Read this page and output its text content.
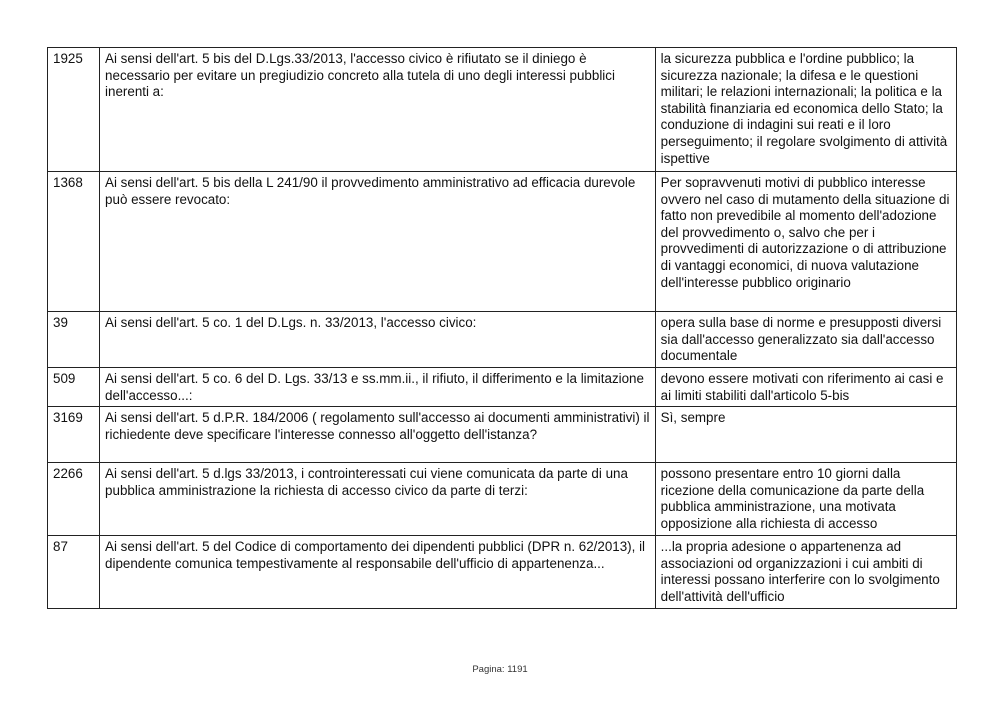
1925	Ai sensi dell'art. 5 bis del D.Lgs.33/2013, l'accesso civico è rifiutato se il diniego è necessario per evitare un pregiudizio concreto alla tutela di uno degli interessi pubblici inerenti a:	la sicurezza pubblica e l'ordine pubblico; la sicurezza nazionale; la difesa e le questioni militari; le relazioni internazionali; la politica e la stabilità finanziaria ed economica dello Stato; la conduzione di indagini sui reati e il loro perseguimento; il regolare svolgimento di attività ispettive
1368	Ai sensi dell'art. 5 bis della L 241/90 il provvedimento amministrativo ad efficacia durevole può essere revocato:	Per sopravvenuti motivi di pubblico interesse ovvero nel caso di mutamento della situazione di fatto non prevedibile al momento dell'adozione del provvedimento o, salvo che per i provvedimenti di autorizzazione o di attribuzione di vantaggi economici, di nuova valutazione dell'interesse pubblico originario
39	Ai sensi dell'art. 5 co. 1 del D.Lgs. n. 33/2013, l'accesso civico:	opera sulla base di norme e presupposti diversi sia dall'accesso generalizzato sia dall'accesso documentale
509	Ai sensi dell'art. 5 co. 6 del D. Lgs. 33/13 e ss.mm.ii., il rifiuto, il differimento e la limitazione dell'accesso...:	devono essere motivati con riferimento ai casi e ai limiti stabiliti dall'articolo 5-bis
3169	Ai sensi dell'art. 5 d.P.R. 184/2006 ( regolamento sull'accesso ai documenti amministrativi) il richiedente deve specificare l'interesse connesso all'oggetto dell'istanza?	Sì, sempre
2266	Ai sensi dell'art. 5 d.lgs 33/2013, i controinteressati cui viene comunicata da parte di una pubblica amministrazione la richiesta di accesso civico da parte di terzi:	possono presentare entro 10 giorni dalla ricezione della comunicazione da parte della pubblica amministrazione, una motivata opposizione alla richiesta di accesso
87	Ai sensi dell'art. 5 del Codice di comportamento dei dipendenti pubblici (DPR n. 62/2013), il dipendente comunica tempestivamente al responsabile dell'ufficio di appartenenza...	...la propria adesione o appartenenza ad associazioni od organizzazioni i cui ambiti di interessi possano interferire con lo svolgimento dell'attività dell'ufficio
Pagina: 1191
